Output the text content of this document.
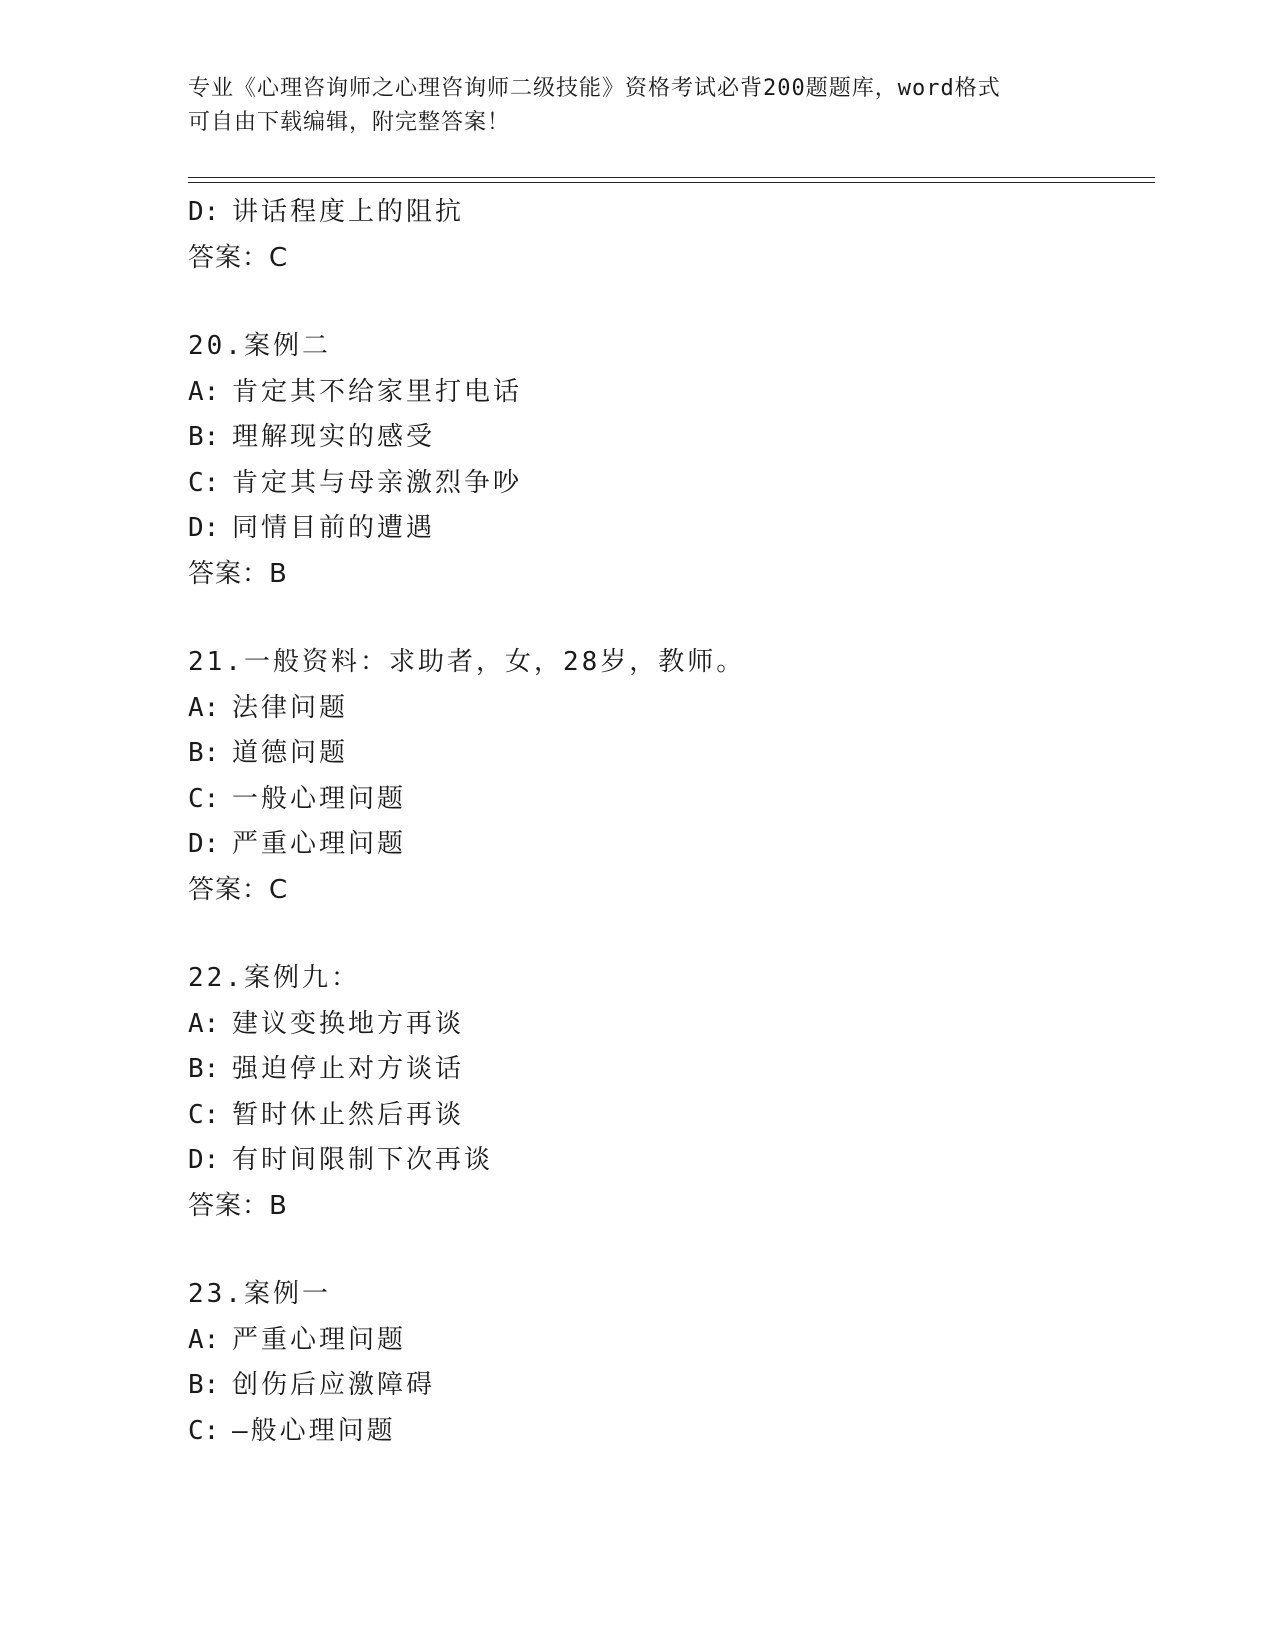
专业《心理咨询师之心理咨询师二级技能》资格考试必背200题题库，word格式
可自由下载编辑，附完整答案！
D: 讲话程度上的阻抗
答案：C
20.案例二
A: 肯定其不给家里打电话
B: 理解现实的感受
C: 肯定其与母亲激烈争吵
D: 同情目前的遭遇
答案：B
21.一般资料：求助者，女，28岁，教师。
A: 法律问题
B: 道德问题
C: 一般心理问题
D: 严重心理问题
答案：C
22.案例九：
A: 建议变换地方再谈
B: 强迫停止对方谈话
C: 暂时休止然后再谈
D: 有时间限制下次再谈
答案：B
23.案例一
A: 严重心理问题
B: 创伤后应激障碍
C: —般心理问题
